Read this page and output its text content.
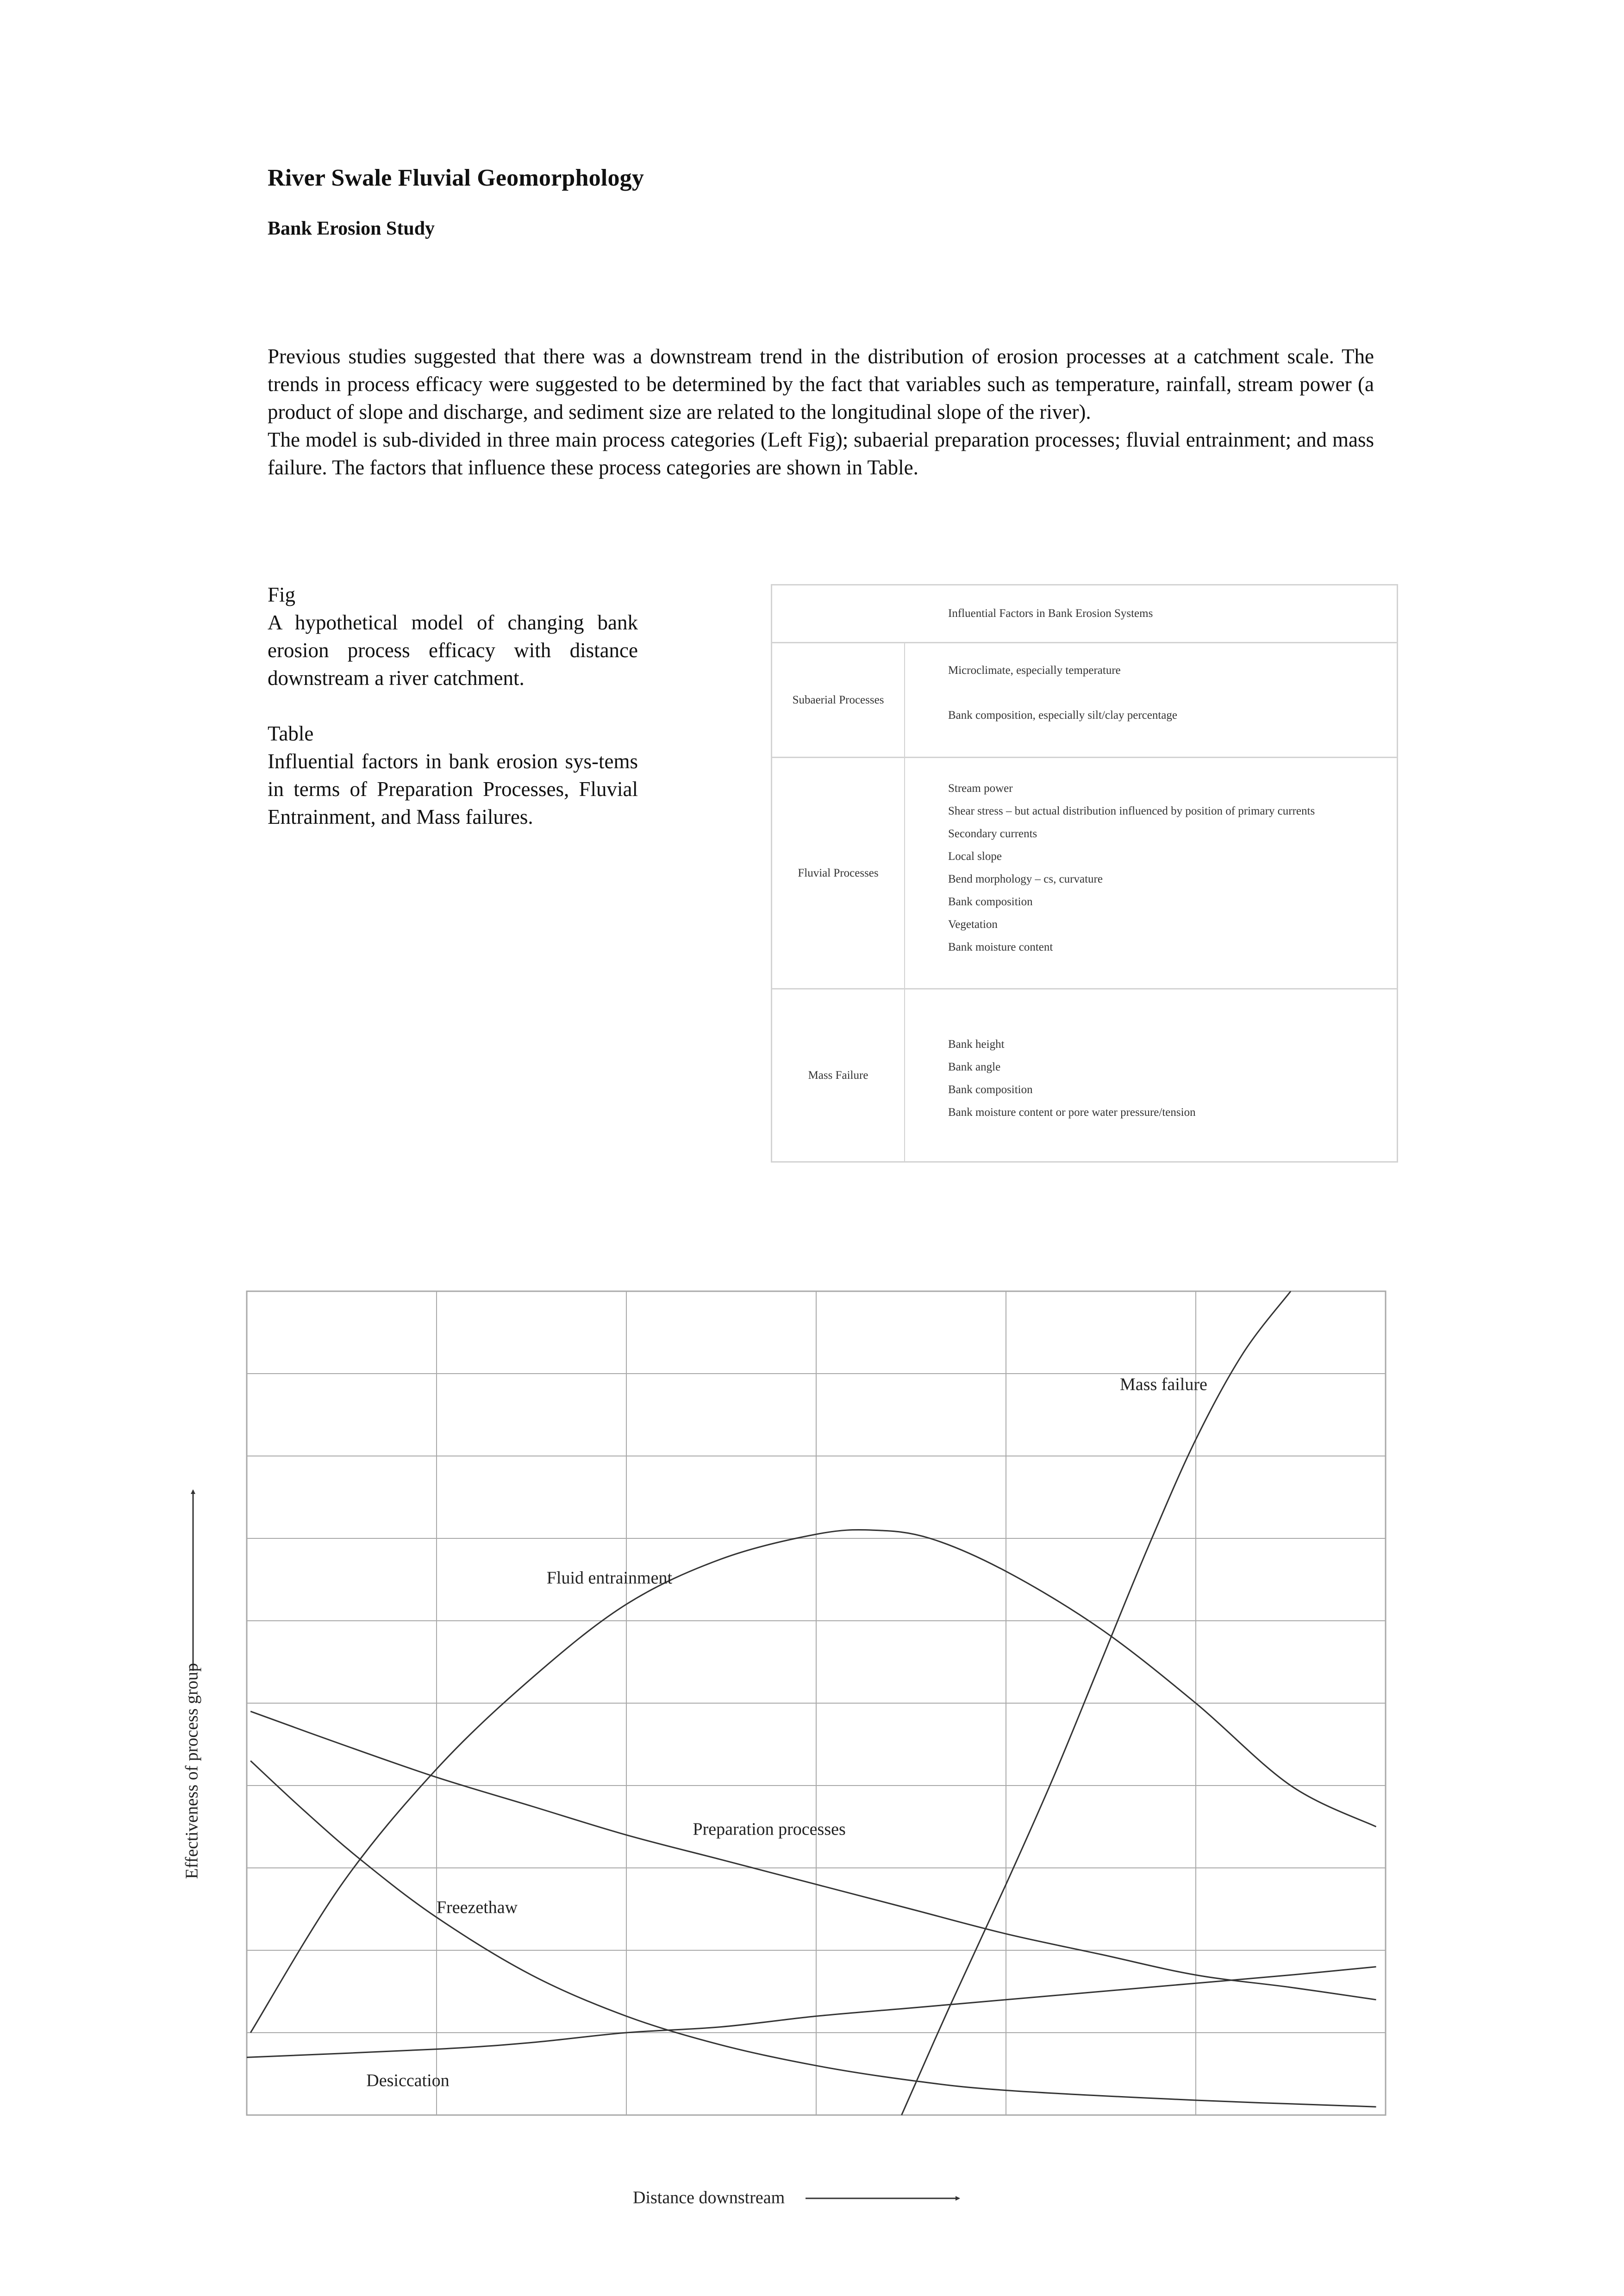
River Swale Fluvial Geomorphology
Bank Erosion Study

Previous studies suggested that there was a downstream trend in the distribution of erosion processes at a catchment scale. The trends in process efficacy were suggested to be determined by the fact that variables such as temperature, rainfall, stream power (a product of slope and discharge, and sediment size are related to the longitudinal slope of the river).

The model is sub-divided in three main process categories (Left Fig); subaerial preparation processes; fluvial entrainment; and mass failure. The factors that influence these process categories are shown in Table.

Fig
A hypothetical model of changing bank erosion process efficacy with distance downstream a river catchment.
Table
Influential factors in bank erosion sys-tems in terms of Preparation Processes, Fluvial Entrainment, and Mass failures.
Influential Factors in Bank Erosion Systems
Subaerial Processes
Microclimate, especially temperature
Bank composition, especially silt/clay percentage
Fluvial Processes
Stream power
Shear stress – but actual distribution influenced by position of primary currents
Secondary currents
Local slope
Bend morphology – cs, curvature
Bank composition
Vegetation
Bank moisture content
Mass Failure
Bank height
Bank angle
Bank composition
Bank moisture content or pore water pressure/tension
Fluid entrainment
Mass failure
Preparation processes
Freezethaw
Desiccation
Effectiveness of process group
Distance downstream
